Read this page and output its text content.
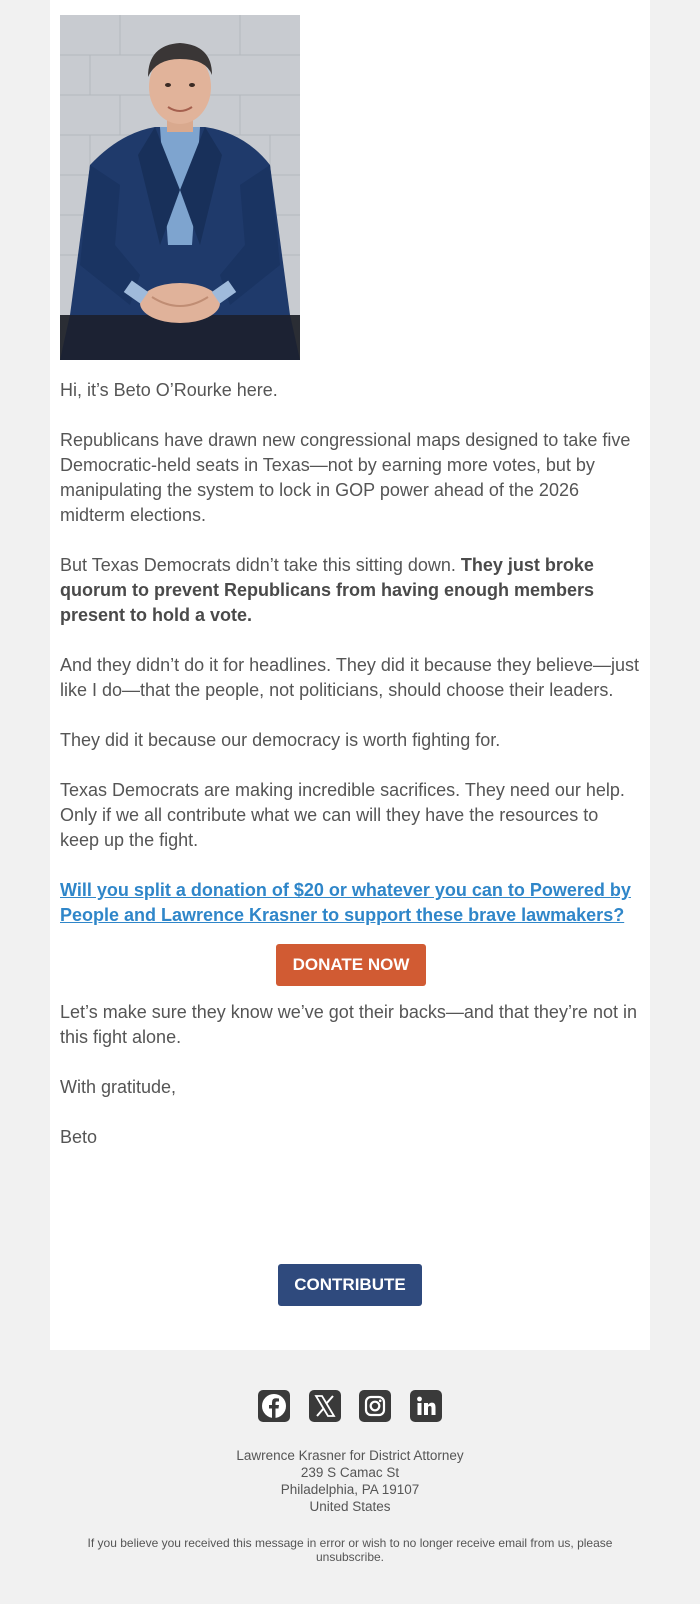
Hi, it’s Beto O’Rourke here.

Republicans have drawn new congressional maps designed to take five Democratic-held seats in Texas—not by earning more votes, but by manipulating the system to lock in GOP power ahead of the 2026 midterm elections.

But Texas Democrats didn’t take this sitting down. They just broke quorum to prevent Republicans from having enough members present to hold a vote.

And they didn’t do it for headlines. They did it because they believe—just like I do—that the people, not politicians, should choose their leaders.

They did it because our democracy is worth fighting for.

Texas Democrats are making incredible sacrifices. They need our help. Only if we all contribute what we can will they have the resources to keep up the fight.

Will you split a donation of $20 or whatever you can to Powered by People and Lawrence Krasner to support these brave lawmakers?

DONATE NOW

Let’s make sure they know we’ve got their backs—and that they’re not in this fight alone.

With gratitude,

Beto

CONTRIBUTE

Lawrence Krasner for District Attorney
239 S Camac St
Philadelphia, PA 19107
United States
If you believe you received this message in error or wish to no longer receive email from us, please unsubscribe.
